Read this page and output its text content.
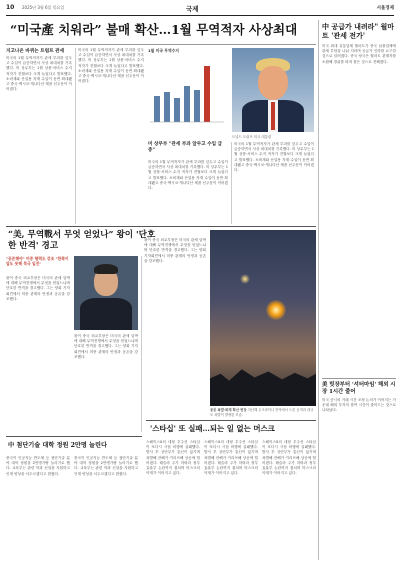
10 2025년 3월 6일 목요일	국제	서울경제
“미국產 치워라” 불매 확산…1월 무역적자 사상최대
지고나온 바퀴는 트럼프 관세
미국의 1월 무역적자가 관세 부과를 앞두고 수입이 급증하면서 사상 최대치를 기록했다. 미 상무부는 1월 상품·서비스 수지 적자가 전월보다 크게 늘었다고 발표했다. 소비재와 산업용 자재 수입이 동반 확대됐고 중국·멕시코·캐나다산 제품 선주문이 이어졌다.
미국의 1월 무역적자가 관세 부과를 앞두고 수입이 급증하면서 사상 최대치를 기록했다. 미 상무부는 1월 상품·서비스 수지 적자가 전월보다 크게 늘었다고 발표했다. 소비재와 산업용 자재 수입이 동반 확대됐고 중국·멕시코·캐나다산 제품 선주문이 이어졌다.
1월 미국 무역수지
도널드 트럼프 미국 대통령
미 상무부 "관세 부과 앞두고 수입 급증"
미국의 1월 무역적자가 관세 부과를 앞두고 수입이 급증하면서 사상 최대치를 기록했다. 미 상무부는 1월 상품·서비스 수지 적자가 전월보다 크게 늘었다고 발표했다. 소비재와 산업용 자재 수입이 동반 확대됐고 중국·멕시코·캐나다산 제품 선주문이 이어졌다.
미국의 1월 무역적자가 관세 부과를 앞두고 수입이 급증하면서 사상 최대치를 기록했다. 미 상무부는 1월 상품·서비스 수지 적자가 전월보다 크게 늘었다고 발표했다. 소비재와 산업용 자재 수입이 동반 확대됐고 중국·멕시코·캐나다산 제품 선주문이 이어졌다.
中 공급가 내려라" 월마트 '관세 전가'
미국 최대 유통업체 월마트가 중국 납품업체에 관세 부담을 나눠 지라며 공급가 인하를 요구한 것으로 알려졌다. 중국 당국은 월마트 관계자를 소환해 경위를 따져 물은 것으로 전해졌다.
美 빗장부터 '셔터마임' 해외 시장 1시간 줄어
미국 증시의 거래 시간 조정 논의가 이어지는 가운데 해외 투자자 참여 시간이 줄어드는 것으로 나타났다.
“美, 무역戰서 무엇 얻었나” 왕이 '단호한 반격' 경고
"공존해야" 미중 협력도 강조 "한쪽이 압도 못해 북극 일진"
왕이 중국 외교부장은 미국의 관세 압박에 대해 무역전쟁에서 무엇을 얻었느냐며 단호한 반격을 경고했다. 그는 양회 기자회견에서 미중 관계의 안정과 공존을 강조했다.
왕이 중국 외교부장은 미국의 관세 압박에 대해 무역전쟁에서 무엇을 얻었느냐며 단호한 반격을 경고했다. 그는 양회 기자회견에서 미중 관계의 안정과 공존을 강조했다.
왕이 중국 외교부장은 미국의 관세 압박에 대해 무역전쟁에서 무엇을 얻었느냐며 단호한 반격을 경고했다. 그는 양회 기자회견에서 미중 관계의 안정과 공존을 강조했다.
공중 폭발·화재 확산 현장 지난해 우크라이나 전역에서 드론 공격과 대규모 폭발이 발생한 모습.
中 첨단기술 대학 정원 2만명 늘린다
중국이 인공지능 반도체 등 첨단기술 분야 대학 정원을 2만명가량 늘리기로 했다. 교육부는 관련 학과 신설을 지원하고 인재 양성을 서두르겠다고 밝혔다.
중국이 인공지능 반도체 등 첨단기술 분야 대학 정원을 2만명가량 늘리기로 했다. 교육부는 관련 학과 신설을 지원하고 인재 양성을 서두르겠다고 밝혔다.
'스타십' 또 실패…되는 일 없는 머스크
스페이스X의 대형 우주선 스타십이 또다시 시험 비행에 실패했다. 발사 후 상단부가 통신이 끊기며 폭발해 잔해가 카리브해 상공에 떨어졌다. 테슬라 주가 하락과 정부효율부 논란까지 겹치며 머스크의 악재가 이어지고 있다.
스페이스X의 대형 우주선 스타십이 또다시 시험 비행에 실패했다. 발사 후 상단부가 통신이 끊기며 폭발해 잔해가 카리브해 상공에 떨어졌다. 테슬라 주가 하락과 정부효율부 논란까지 겹치며 머스크의 악재가 이어지고 있다.
스페이스X의 대형 우주선 스타십이 또다시 시험 비행에 실패했다. 발사 후 상단부가 통신이 끊기며 폭발해 잔해가 카리브해 상공에 떨어졌다. 테슬라 주가 하락과 정부효율부 논란까지 겹치며 머스크의 악재가 이어지고 있다.
